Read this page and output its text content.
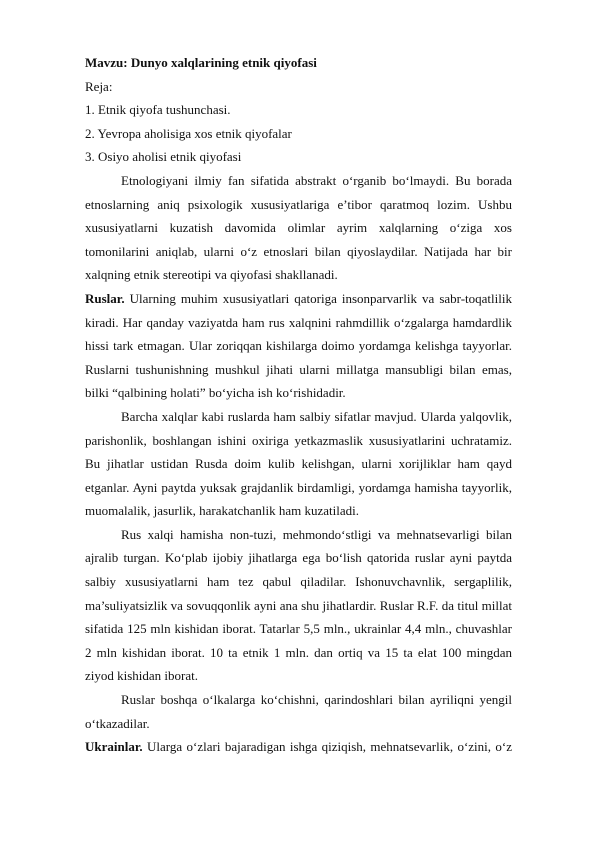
Mavzu: Dunyo xalqlarining etnik qiyofasi
Reja:
1. Etnik qiyofa tushunchasi.
2. Yevropa aholisiga xos etnik qiyofalar
3. Osiyo aholisi etnik qiyofasi

Etnologiyani ilmiy fan sifatida abstrakt o‘rganib bo‘lmaydi. Bu borada etnoslarning aniq psixologik xususiyatlariga e’tibor qaratmoq lozim. Ushbu xususiyatlarni kuzatish davomida olimlar ayrim xalqlarning o‘ziga xos tomonilarini aniqlab, ularni o‘z etnoslari bilan qiyoslaydilar. Natijada har bir xalqning etnik stereotipi va qiyofasi shakllanadi.

Ruslar. Ularning muhim xususiyatlari qatoriga insonparvarlik va sabr-toqatlilik kiradi. Har qanday vaziyatda ham rus xalqnini rahmdillik o‘zgalarga hamdardlik hissi tark etmagan. Ular zoriqqan kishilarga doimo yordamga kelishga tayyorlar. Ruslarni tushunishning mushkul jihati ularni millatga mansubligi bilan emas, bilki “qalbining holati” bo‘yicha ish ko‘rishidadir.

Barcha xalqlar kabi ruslarda ham salbiy sifatlar mavjud. Ularda yalqovlik, parishonlik, boshlangan ishini oxiriga yetkazmaslik xususiyatlarini uchratamiz. Bu jihatlar ustidan Rusda doim kulib kelishgan, ularni xorijliklar ham qayd etganlar. Ayni paytda yuksak grajdanlik birdamligi, yordamga hamisha tayyorlik, muomalalik, jasurlik, harakatchanlik ham kuzatiladi.

Rus xalqi hamisha non-tuzi, mehmondo‘stligi va mehnatsevarligi bilan ajralib turgan. Ko‘plab ijobiy jihatlarga ega bo‘lish qatorida ruslar ayni paytda salbiy xususiyatlarni ham tez qabul qiladilar. Ishonuvchavnlik, sergaplilik, ma’suliyatsizlik va sovuqqonlik ayni ana shu jihatlardir. Ruslar R.F. da titul millat sifatida 125 mln kishidan iborat. Tatarlar 5,5 mln., ukrainlar 4,4 mln., chuvashlar 2 mln kishidan iborat. 10 ta etnik 1 mln. dan ortiq va 15 ta elat 100 mingdan ziyod kishidan iborat.

Ruslar boshqa o‘lkalarga ko‘chishni, qarindoshlari bilan ayriliqni yengil o‘tkazadilar.

Ukrainlar. Ularga o‘zlari bajaradigan ishga qiziqish, mehnatsevarlik, o‘zini, o‘z
